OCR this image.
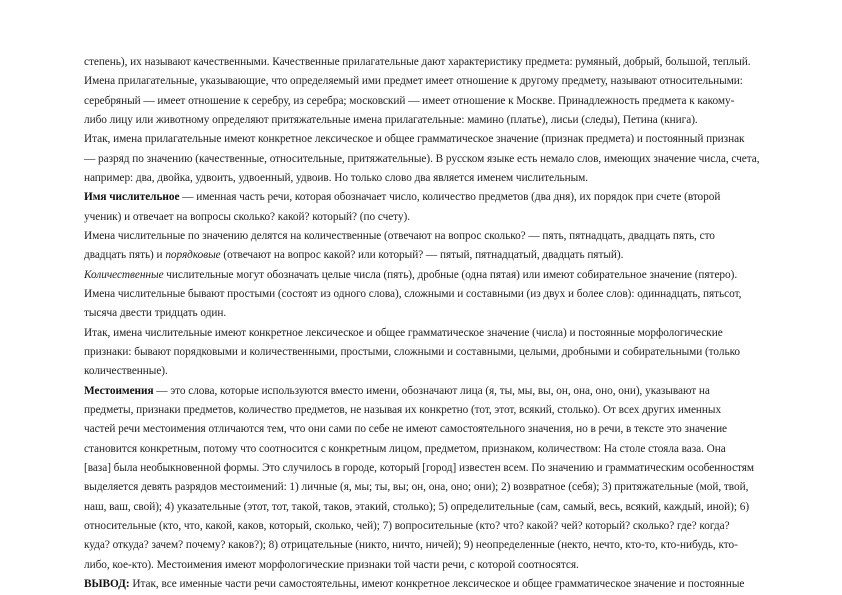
степень), их называют качественными. Качественные прилагательные дают характеристику предмета: румяный, добрый, большой, теплый.
Имена прилагательные, указывающие, что определяемый ими предмет имеет отношение к другому предмету, называют относительными:
серебряный — имеет отношение к серебру, из серебра; московский — имеет отношение к Москве. Принадлежность предмета к какому-
либо лицу или животному определяют притяжательные имена прилагательные: мамино (платье), лисьи (следы), Петина (книга).
Итак, имена прилагательные имеют конкретное лексическое и общее грамматическое значение (признак предмета) и постоянный признак
— разряд по значению (качественные, относительные, притяжательные). В русском языке есть немало слов, имеющих значение числа, счета,
например: два, двойка, удвоить, удвоенный, удвоив. Но только слово два является именем числительным.
Имя числительное — именная часть речи, которая обозначает число, количество предметов (два дня), их порядок при счете (второй
ученик) и отвечает на вопросы сколько? какой? который? (по счету).
Имена числительные по значению делятся на количественные (отвечают на вопрос сколько? — пять, пятнадцать, двадцать пять, сто
двадцать пять) и порядковые (отвечают на вопрос какой? или который? — пятый, пятнадцатый, двадцать пятый).
Количественные числительные могут обозначать целые числа (пять), дробные (одна пятая) или имеют собирательное значение (пятеро).
Имена числительные бывают простыми (состоят из одного слова), сложными и составными (из двух и более слов): одиннадцать, пятьсот,
тысяча двести тридцать один.
Итак, имена числительные имеют конкретное лексическое и общее грамматическое значение (числа) и постоянные морфологические
признаки: бывают порядковыми и количественными, простыми, сложными и составными, целыми, дробными и собирательными (только
количественные).
Местоимения — это слова, которые используются вместо имени, обозначают лица (я, ты, мы, вы, он, она, оно, они), указывают на
предметы, признаки предметов, количество предметов, не называя их конкретно (тот, этот, всякий, столько). От всех других именных
частей речи местоимения отличаются тем, что они сами по себе не имеют самостоятельного значения, но в речи, в тексте это значение
становится конкретным, потому что соотносится с конкретным лицом, предметом, признаком, количеством: На столе стояла ваза. Она
[ваза] была необыкновенной формы. Это случилось в городе, который [город] известен всем. По значению и грамматическим особенностям
выделяется девять разрядов местоимений: 1) личные (я, мы; ты, вы; он, она, оно; они); 2) возвратное (себя); 3) притяжательные (мой, твой,
наш, ваш, свой); 4) указательные (этот, тот, такой, таков, этакий, столько); 5) определительные (сам, самый, весь, всякий, каждый, иной); 6)
относительные (кто, что, какой, каков, который, сколько, чей); 7) вопросительные (кто? что? какой? чей? который? сколько? где? когда?
куда? откуда? зачем? почему? каков?); 8) отрицательные (никто, ничто, ничей); 9) неопределенные (некто, нечто, кто-то, кто-нибудь, кто-
либо, кое-кто). Местоимения имеют морфологические признаки той части речи, с которой соотносятся.
ВЫВОД: Итак, все именные части речи самостоятельны, имеют конкретное лексическое и общее грамматическое значение и постоянные
